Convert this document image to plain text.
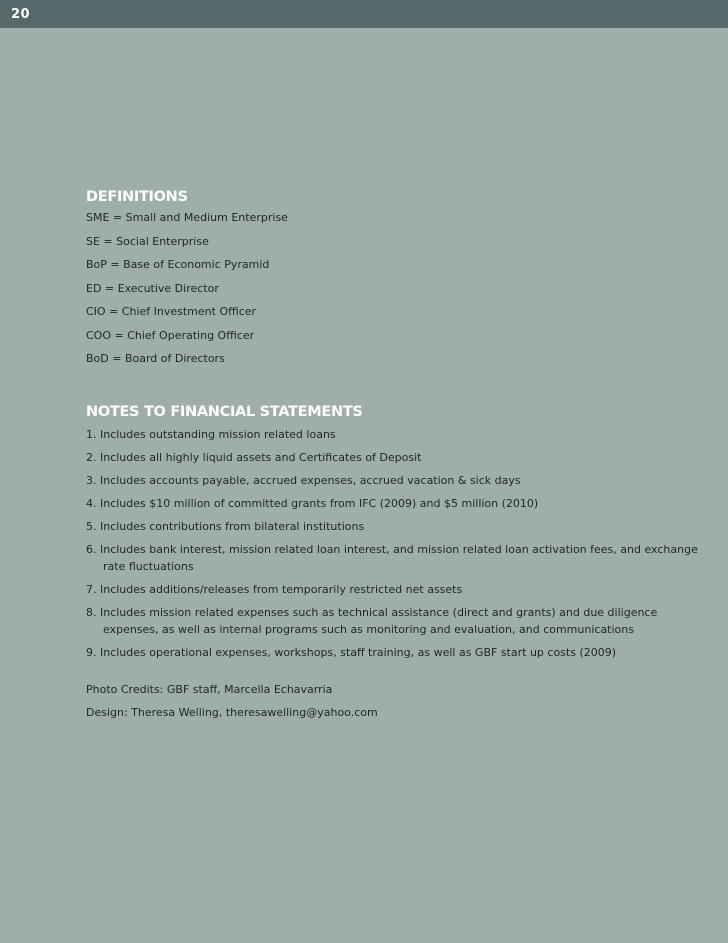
20
DEFINITIONS
SME = Small and Medium Enterprise
SE = Social Enterprise
BoP = Base of Economic Pyramid
ED = Executive Director
CIO = Chief Investment Officer
COO = Chief Operating Officer
BoD = Board of Directors
NOTES TO FINANCIAL STATEMENTS
1. Includes outstanding mission related loans
2. Includes all highly liquid assets and Certificates of Deposit
3. Includes accounts payable, accrued expenses, accrued vacation & sick days
4. Includes $10 million of committed grants from IFC (2009) and $5 million (2010)
5. Includes contributions from bilateral institutions
6. Includes bank interest, mission related loan interest, and mission related loan activation fees, and exchange
rate fluctuations
7. Includes additions/releases from temporarily restricted net assets
8. Includes mission related expenses such as technical assistance (direct and grants) and due diligence
expenses, as well as internal programs such as monitoring and evaluation, and communications
9. Includes operational expenses, workshops, staff training, as well as GBF start up costs (2009)

Photo Credits: GBF staff, Marcella Echavarria

Design: Theresa Welling, theresawelling@yahoo.com
